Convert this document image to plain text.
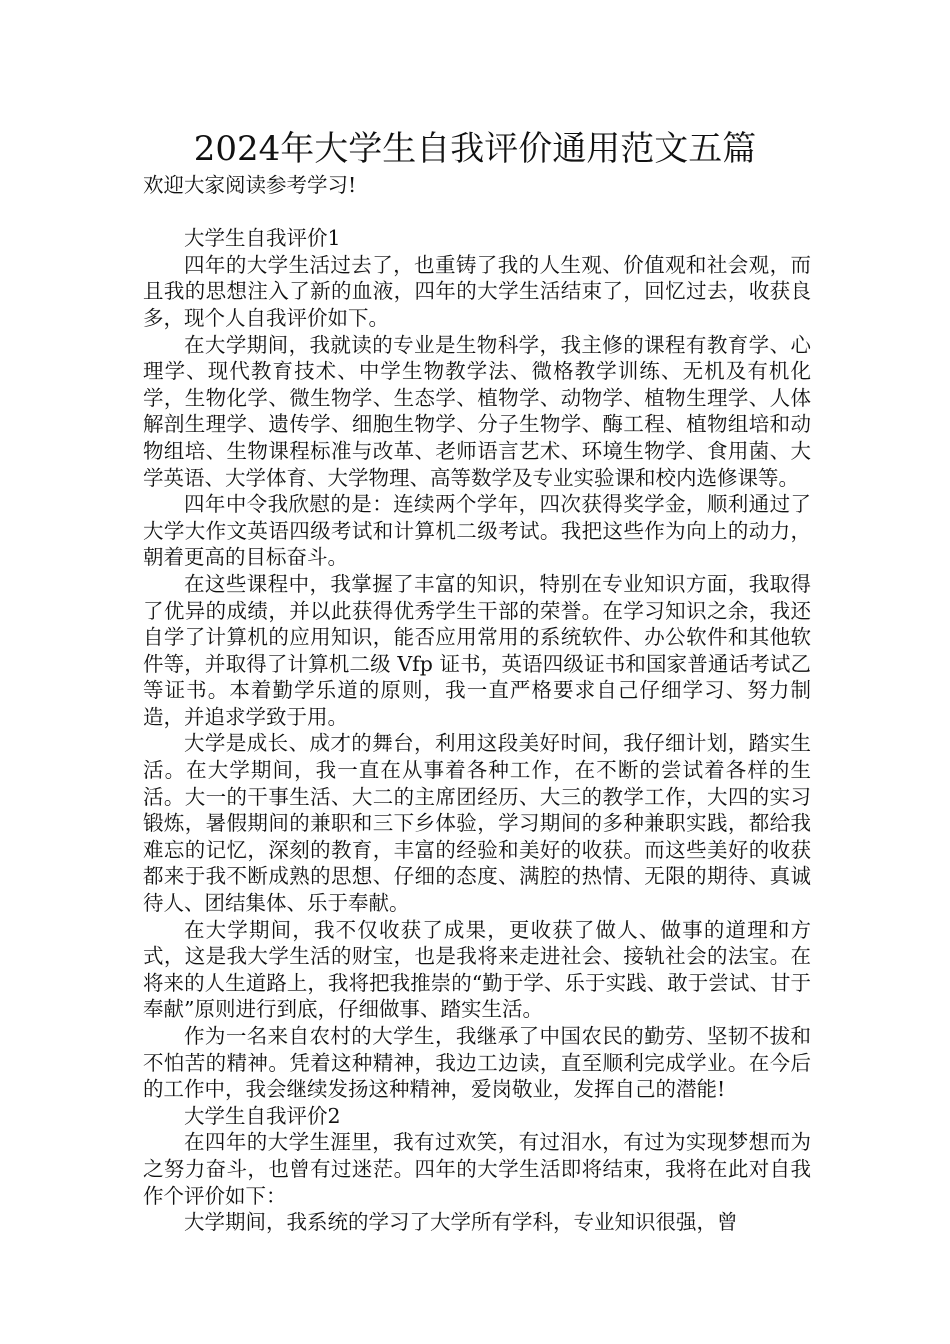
2024年大学生自我评价通用范文五篇

欢迎大家阅读参考学习!

大学生自我评价1

四年的大学生活过去了，也重铸了我的人生观、价值观和社会观，而且我的思想注入了新的血液，四年的大学生活结束了，回忆过去，收获良多，现个人自我评价如下。

在大学期间，我就读的专业是生物科学，我主修的课程有教育学、心理学、现代教育技术、中学生物教学法、微格教学训练、无机及有机化学，生物化学、微生物学、生态学、植物学、动物学、植物生理学、人体解剖生理学、遗传学、细胞生物学、分子生物学、酶工程、植物组培和动物组培、生物课程标准与改革、老师语言艺术、环境生物学、食用菌、大学英语、大学体育、大学物理、高等数学及专业实验课和校内选修课等。

四年中令我欣慰的是：连续两个学年，四次获得奖学金，顺利通过了大学大作文英语四级考试和计算机二级考试。我把这些作为向上的动力，朝着更高的目标奋斗。

在这些课程中，我掌握了丰富的知识，特别在专业知识方面，我取得了优异的成绩，并以此获得优秀学生干部的荣誉。在学习知识之余，我还自学了计算机的应用知识，能否应用常用的系统软件、办公软件和其他软件等，并取得了计算机二级 Vfp 证书，英语四级证书和国家普通话考试乙等证书。本着勤学乐道的原则，我一直严格要求自己仔细学习、努力制造，并追求学致于用。

大学是成长、成才的舞台，利用这段美好时间，我仔细计划，踏实生活。在大学期间，我一直在从事着各种工作，在不断的尝试着各样的生活。大一的干事生活、大二的主席团经历、大三的教学工作，大四的实习锻炼，暑假期间的兼职和三下乡体验，学习期间的多种兼职实践，都给我难忘的记忆，深刻的教育，丰富的经验和美好的收获。而这些美好的收获都来于我不断成熟的思想、仔细的态度、满腔的热情、无限的期待、真诚待人、团结集体、乐于奉献。

在大学期间，我不仅收获了成果，更收获了做人、做事的道理和方式，这是我大学生活的财宝，也是我将来走进社会、接轨社会的法宝。在将来的人生道路上，我将把我推崇的“勤于学、乐于实践、敢于尝试、甘于奉献”原则进行到底，仔细做事、踏实生活。

作为一名来自农村的大学生，我继承了中国农民的勤劳、坚韧不拔和不怕苦的精神。凭着这种精神，我边工边读，直至顺利完成学业。在今后的工作中，我会继续发扬这种精神，爱岗敬业，发挥自己的潜能!

大学生自我评价2

在四年的大学生涯里，我有过欢笑，有过泪水，有过为实现梦想而为之努力奋斗，也曾有过迷茫。四年的大学生活即将结束，我将在此对自我作个评价如下：

大学期间，我系统的学习了大学所有学科，专业知识很强，曾
